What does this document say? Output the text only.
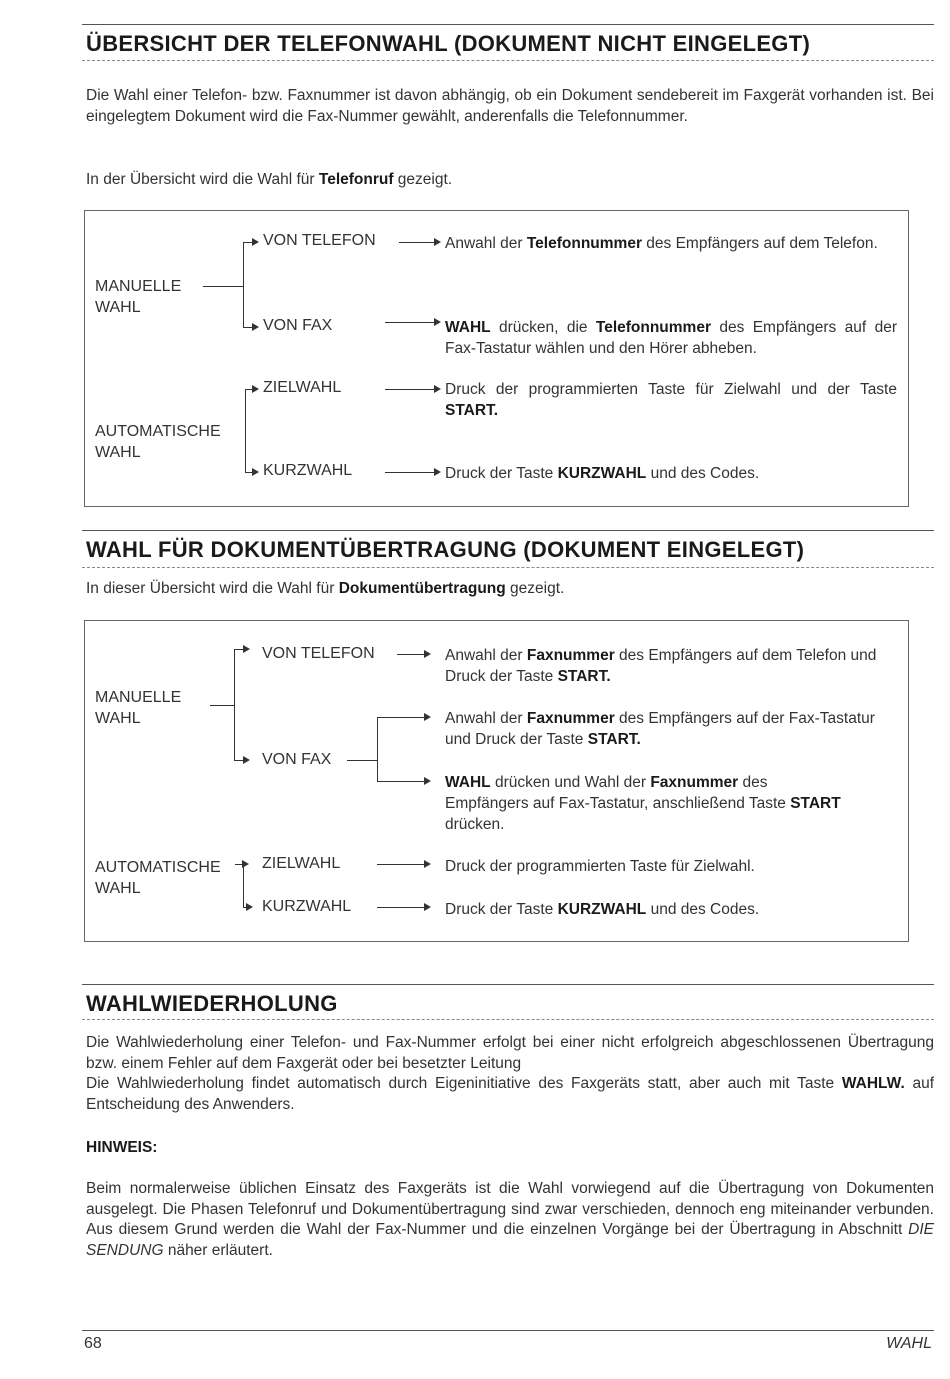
ÜBERSICHT DER TELEFONWAHL (DOKUMENT NICHT EINGELEGT)
Die Wahl einer Telefon- bzw. Faxnummer ist davon abhängig, ob ein Dokument sendebereit im Faxgerät vorhanden ist. Bei eingelegtem Dokument wird die Fax-Nummer gewählt, anderenfalls die Telefonnummer.
In der Übersicht wird die Wahl für Telefonruf gezeigt.
MANUELLE
WAHL
AUTOMATISCHE
WAHL
VON TELEFON
VON FAX
ZIELWAHL
KURZWAHL
Anwahl der Telefonnummer des Empfängers auf dem Telefon.
WAHL drücken, die Telefonnummer des Empfängers auf der Fax-Tastatur wählen und den Hörer abheben.
Druck der programmierten Taste für Zielwahl und der Taste START.
Druck der Taste KURZWAHL und des Codes.
WAHL FÜR DOKUMENTÜBERTRAGUNG (DOKUMENT EINGELEGT)
In dieser Übersicht wird die Wahl für Dokumentübertragung gezeigt.
MANUELLE
WAHL
AUTOMATISCHE
WAHL
VON TELEFON
VON FAX
ZIELWAHL
KURZWAHL
Anwahl der Faxnummer des Empfängers auf dem Telefon und Druck der Taste START.
Anwahl der Faxnummer des Empfängers auf der Fax-Tastatur und Druck der Taste START.
WAHL drücken und Wahl der Faxnummer des Empfängers auf Fax-Tastatur, anschließend Taste START drücken.
Druck der programmierten Taste für Zielwahl.
Druck der Taste KURZWAHL und des Codes.
WAHLWIEDERHOLUNG
Die Wahlwiederholung einer Telefon- und Fax-Nummer erfolgt bei einer nicht erfolgreich abgeschlossenen Übertragung bzw. einem Fehler auf dem Faxgerät oder bei besetzter Leitung
Die Wahlwiederholung findet automatisch durch Eigeninitiative des Faxgeräts statt, aber auch mit Taste WAHLW. auf Entscheidung des Anwenders.
HINWEIS:
Beim normalerweise üblichen Einsatz des Faxgeräts ist die Wahl vorwiegend auf die Übertragung von Dokumenten ausgelegt. Die Phasen Telefonruf und Dokumentübertragung sind zwar verschieden, dennoch eng miteinander verbunden. Aus diesem Grund werden die Wahl der Fax-Nummer und die einzelnen Vorgänge bei der Übertragung in Abschnitt DIE SENDUNG näher erläutert.
68	WAHL
